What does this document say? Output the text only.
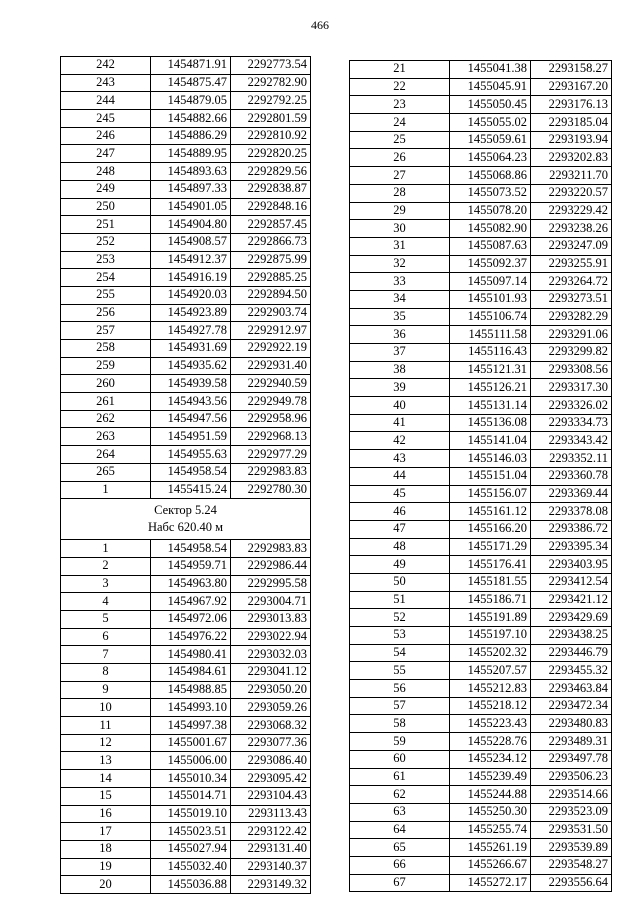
466
242	1454871.91	2292773.54
243	1454875.47	2292782.90
244	1454879.05	2292792.25
245	1454882.66	2292801.59
246	1454886.29	2292810.92
247	1454889.95	2292820.25
248	1454893.63	2292829.56
249	1454897.33	2292838.87
250	1454901.05	2292848.16
251	1454904.80	2292857.45
252	1454908.57	2292866.73
253	1454912.37	2292875.99
254	1454916.19	2292885.25
255	1454920.03	2292894.50
256	1454923.89	2292903.74
257	1454927.78	2292912.97
258	1454931.69	2292922.19
259	1454935.62	2292931.40
260	1454939.58	2292940.59
261	1454943.56	2292949.78
262	1454947.56	2292958.96
263	1454951.59	2292968.13
264	1454955.63	2292977.29
265	1454958.54	2292983.83
1	1455415.24	2292780.30

Сектор 5.24
Набс 620.40 м		

1	1454958.54	2292983.83
2	1454959.71	2292986.44
3	1454963.80	2292995.58
4	1454967.92	2293004.71
5	1454972.06	2293013.83
6	1454976.22	2293022.94
7	1454980.41	2293032.03
8	1454984.61	2293041.12
9	1454988.85	2293050.20
10	1454993.10	2293059.26
11	1454997.38	2293068.32
12	1455001.67	2293077.36
13	1455006.00	2293086.40
14	1455010.34	2293095.42
15	1455014.71	2293104.43
16	1455019.10	2293113.43
17	1455023.51	2293122.42
18	1455027.94	2293131.40
19	1455032.40	2293140.37
20	1455036.88	2293149.32
21	1455041.38	2293158.27
22	1455045.91	2293167.20
23	1455050.45	2293176.13
24	1455055.02	2293185.04
25	1455059.61	2293193.94
26	1455064.23	2293202.83
27	1455068.86	2293211.70
28	1455073.52	2293220.57
29	1455078.20	2293229.42
30	1455082.90	2293238.26
31	1455087.63	2293247.09
32	1455092.37	2293255.91
33	1455097.14	2293264.72
34	1455101.93	2293273.51
35	1455106.74	2293282.29
36	1455111.58	2293291.06
37	1455116.43	2293299.82
38	1455121.31	2293308.56
39	1455126.21	2293317.30
40	1455131.14	2293326.02
41	1455136.08	2293334.73
42	1455141.04	2293343.42
43	1455146.03	2293352.11
44	1455151.04	2293360.78
45	1455156.07	2293369.44
46	1455161.12	2293378.08
47	1455166.20	2293386.72
48	1455171.29	2293395.34
49	1455176.41	2293403.95
50	1455181.55	2293412.54
51	1455186.71	2293421.12
52	1455191.89	2293429.69
53	1455197.10	2293438.25
54	1455202.32	2293446.79
55	1455207.57	2293455.32
56	1455212.83	2293463.84
57	1455218.12	2293472.34
58	1455223.43	2293480.83
59	1455228.76	2293489.31
60	1455234.12	2293497.78
61	1455239.49	2293506.23
62	1455244.88	2293514.66
63	1455250.30	2293523.09
64	1455255.74	2293531.50
65	1455261.19	2293539.89
66	1455266.67	2293548.27
67	1455272.17	2293556.64
